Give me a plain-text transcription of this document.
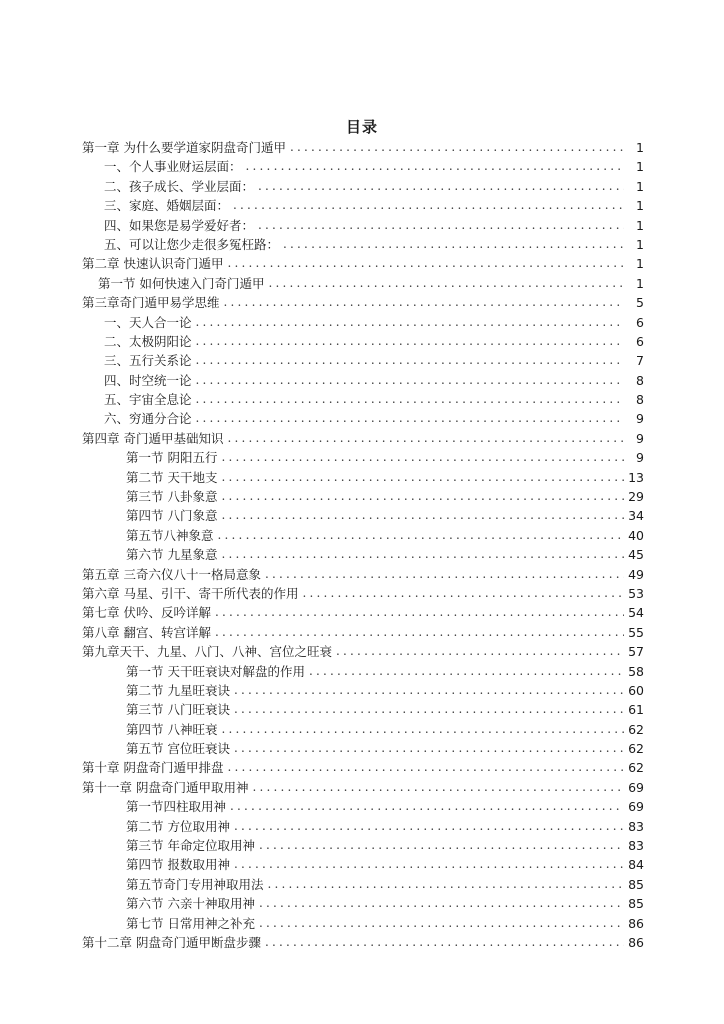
目录
第一章 为什么要学道家阴盘奇门遁甲 .....	1
一、个人事业财运层面： .....	1
二、孩子成长、学业层面： .....	1
三、家庭、婚姻层面： .....	1
四、如果您是易学爱好者： .....	1
五、可以让您少走很多冤枉路： .....	1
第二章 快速认识奇门遁甲 .....	1
第一节 如何快速入门奇门遁甲 .....	1
第三章奇门遁甲易学思维 .....	5
一、天人合一论 .....	6
二、太极阴阳论 .....	6
三、五行关系论 .....	7
四、时空统一论 .....	8
五、宇宙全息论 .....	8
六、穷通分合论 .....	9
第四章 奇门遁甲基础知识 .....	9
第一节 阴阳五行 .....	9
第二节 天干地支 .....	13
第三节 八卦象意 .....	29
第四节 八门象意 .....	34
第五节八神象意 .....	40
第六节 九星象意 .....	45
第五章 三奇六仪八十一格局意象 .....	49
第六章 马星、引干、寄干所代表的作用 .....	53
第七章 伏吟、反吟详解 .....	54
第八章 翻宫、转宫详解 .....	55
第九章天干、九星、八门、八神、宫位之旺衰 .....	57
第一节 天干旺衰诀对解盘的作用 .....	58
第二节 九星旺衰诀 .....	60
第三节 八门旺衰诀 .....	61
第四节 八神旺衰 .....	62
第五节 宫位旺衰诀 .....	62
第十章 阴盘奇门遁甲排盘 .....	62
第十一章 阴盘奇门遁甲取用神 .....	69
第一节四柱取用神 .....	69
第二节 方位取用神 .....	83
第三节 年命定位取用神 .....	83
第四节 报数取用神 .....	84
第五节奇门专用神取用法 .....	85
第六节 六亲十神取用神 .....	85
第七节 日常用神之补充 .....	86
第十二章 阴盘奇门遁甲断盘步骤 .....	86
